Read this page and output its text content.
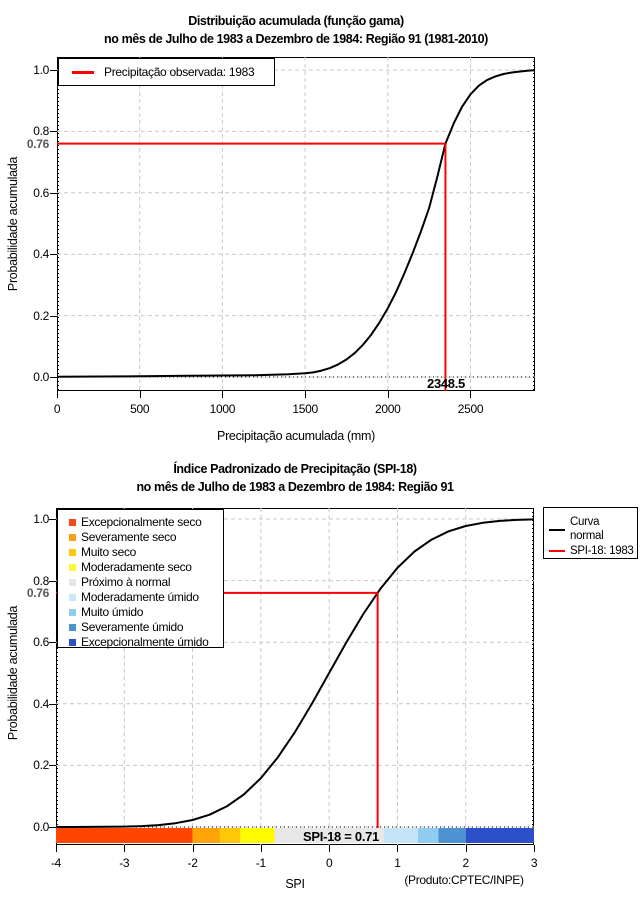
Distribuição acumulada (função gama)
no mês de Julho de 1983 a Dezembro de 1984: Região 91 (1981-2010)
Probabilidade acumulada
0.76
0.0
0.2
0.4
0.6
0.8
1.0
0	500	1000	1500	2000	2500
Precipitação observada: 1983
2348.5
Precipitação acumulada (mm)
Índice Padronizado de Precipitação (SPI-18)
no mês de Julho de 1983 a Dezembro de 1984: Região 91
Probabilidade acumulada
0.76
0.0
0.2
0.4
0.6
0.8
1.0
-4	-3	-2	-1	0	1	2	3
Excepcionalmente seco
Severamente seco
Muito seco
Moderadamente seco
Próximo à normal
Moderadamente úmido
Muito úmido
Severamente úmido
Excepcionalmente úmido
SPI-18 = 0.71
Curva
normal
SPI-18: 1983
SPI	(Produto:CPTEC/INPE)
